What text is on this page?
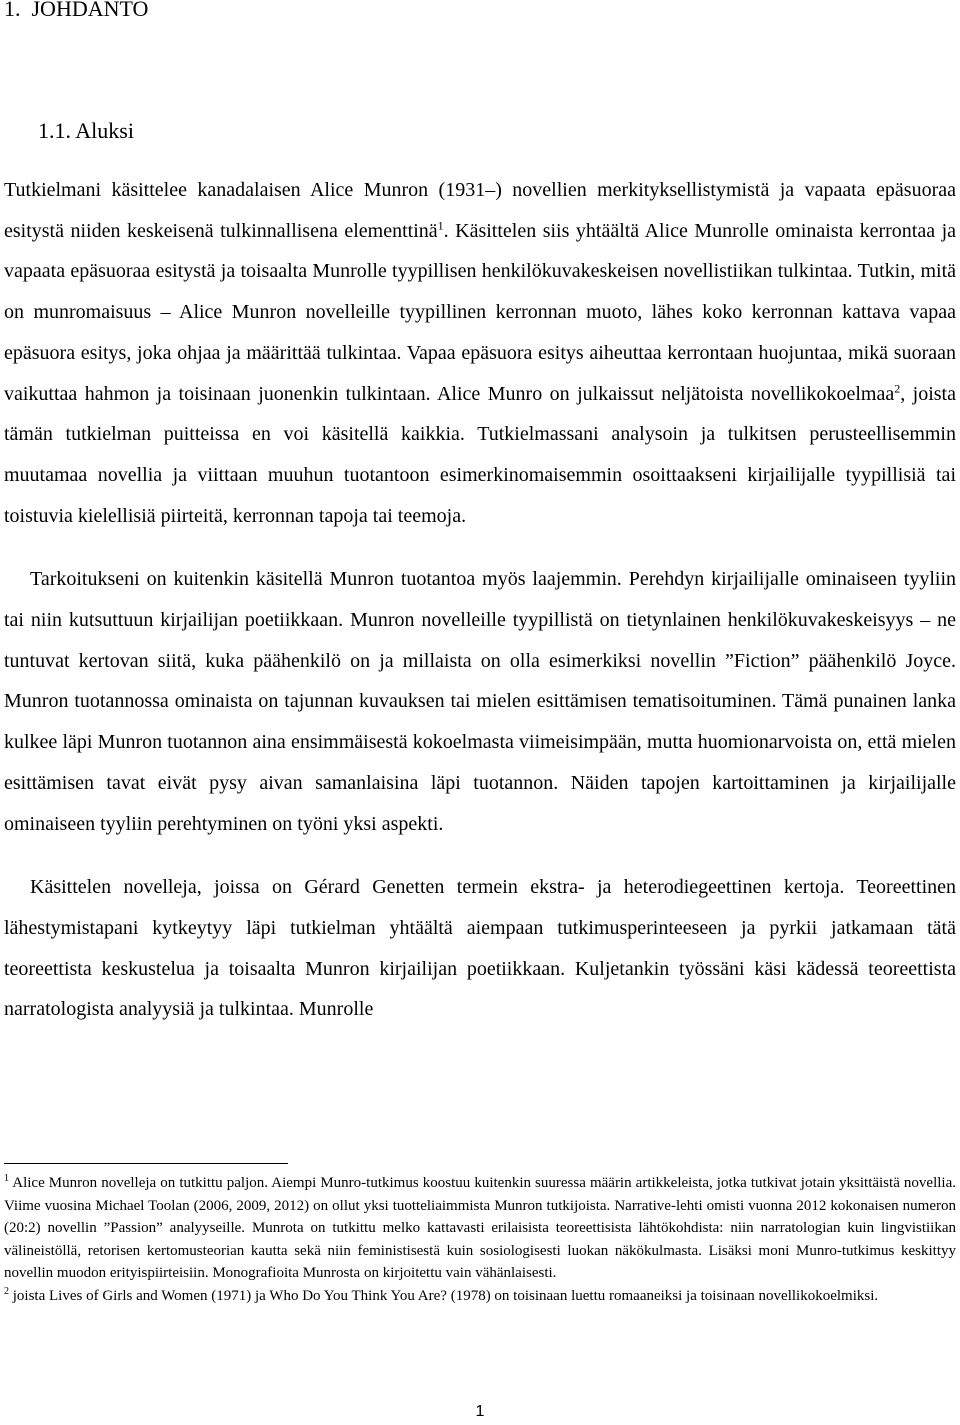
1.  JOHDANTO
1.1. Aluksi

Tutkielmani käsittelee kanadalaisen Alice Munron (1931–) novellien merkityksellistymistä ja vapaata epäsuoraa esitystä niiden keskeisenä tulkinnallisena elementtinä$^1$. Käsittelen siis yhtäältä Alice Munrolle ominaista kerrontaa ja vapaata epäsuoraa esitystä ja toisaalta Munrolle tyypillisen henkilökuvakeskeisen novellistiikan tulkintaa. Tutkin, mitä on munromaisuus – Alice Munron novelleille tyypillinen kerronnan muoto, lähes koko kerronnan kattava vapaa epäsuora esitys, joka ohjaa ja määrittää tulkintaa. Vapaa epäsuora esitys aiheuttaa kerrontaan huojuntaa, mikä suoraan vaikuttaa hahmon ja toisinaan juonenkin tulkintaan. Alice Munro on julkaissut neljätoista novellikokoelmaa$^2$, joista tämän tutkielman puitteissa en voi käsitellä kaikkia. Tutkielmassani analysoin ja tulkitsen perusteellisemmin muutamaa novellia ja viittaan muuhun tuotantoon esimerkinomaisemmin osoittaakseni kirjailijalle tyypillisiä tai toistuvia kielellisiä piirteitä, kerronnan tapoja tai teemoja.

Tarkoitukseni on kuitenkin käsitellä Munron tuotantoa myös laajemmin. Perehdyn kirjailijalle ominaiseen tyyliin tai niin kutsuttuun kirjailijan poetiikkaan. Munron novelleille tyypillistä on tietynlainen henkilökuvakeskeisyys – ne tuntuvat kertovan siitä, kuka päähenkilö on ja millaista on olla esimerkiksi novellin ”Fiction” päähenkilö Joyce. Munron tuotannossa ominaista on tajunnan kuvauksen tai mielen esittämisen tematisoituminen. Tämä punainen lanka kulkee läpi Munron tuotannon aina ensimmäisestä kokoelmasta viimeisimpään, mutta huomionarvoista on, että mielen esittämisen tavat eivät pysy aivan samanlaisina läpi tuotannon. Näiden tapojen kartoittaminen ja kirjailijalle ominaiseen tyyliin perehtyminen on työni yksi aspekti.

Käsittelen novelleja, joissa on Gérard Genetten termein ekstra- ja heterodiegeettinen kertoja. Teoreettinen lähestymistapani kytkeytyy läpi tutkielman yhtäältä aiempaan tutkimusperinteeseen ja pyrkii jatkamaan tätä teoreettista keskustelua ja toisaalta Munron kirjailijan poetiikkaan. Kuljetankin työssäni käsi kädessä teoreettista narratologista analyysiä ja tulkintaa. Munrolle

$^1$ Alice Munron novelleja on tutkittu paljon. Aiempi Munro-tutkimus koostuu kuitenkin suuressa määrin artikkeleista, jotka tutkivat jotain yksittäistä novellia. Viime vuosina Michael Toolan (2006, 2009, 2012) on ollut yksi tuotteliaimmista Munron tutkijoista. Narrative-lehti omisti vuonna 2012 kokonaisen numeron (20:2) novellin ”Passion” analyyseille. Munrota on tutkittu melko kattavasti erilaisista teoreettisista lähtökohdista: niin narratologian kuin lingvistiikan välineistöllä, retorisen kertomusteorian kautta sekä niin feministisestä kuin sosiologisesti luokan näkökulmasta. Lisäksi moni Munro-tutkimus keskittyy novellin muodon erityispiirteisiin. Monografioita Munrosta on kirjoitettu vain vähänlaisesti.

$^2$ joista Lives of Girls and Women (1971) ja Who Do You Think You Are? (1978) on toisinaan luettu romaaneiksi ja toisinaan novellikokoelmiksi.

1
